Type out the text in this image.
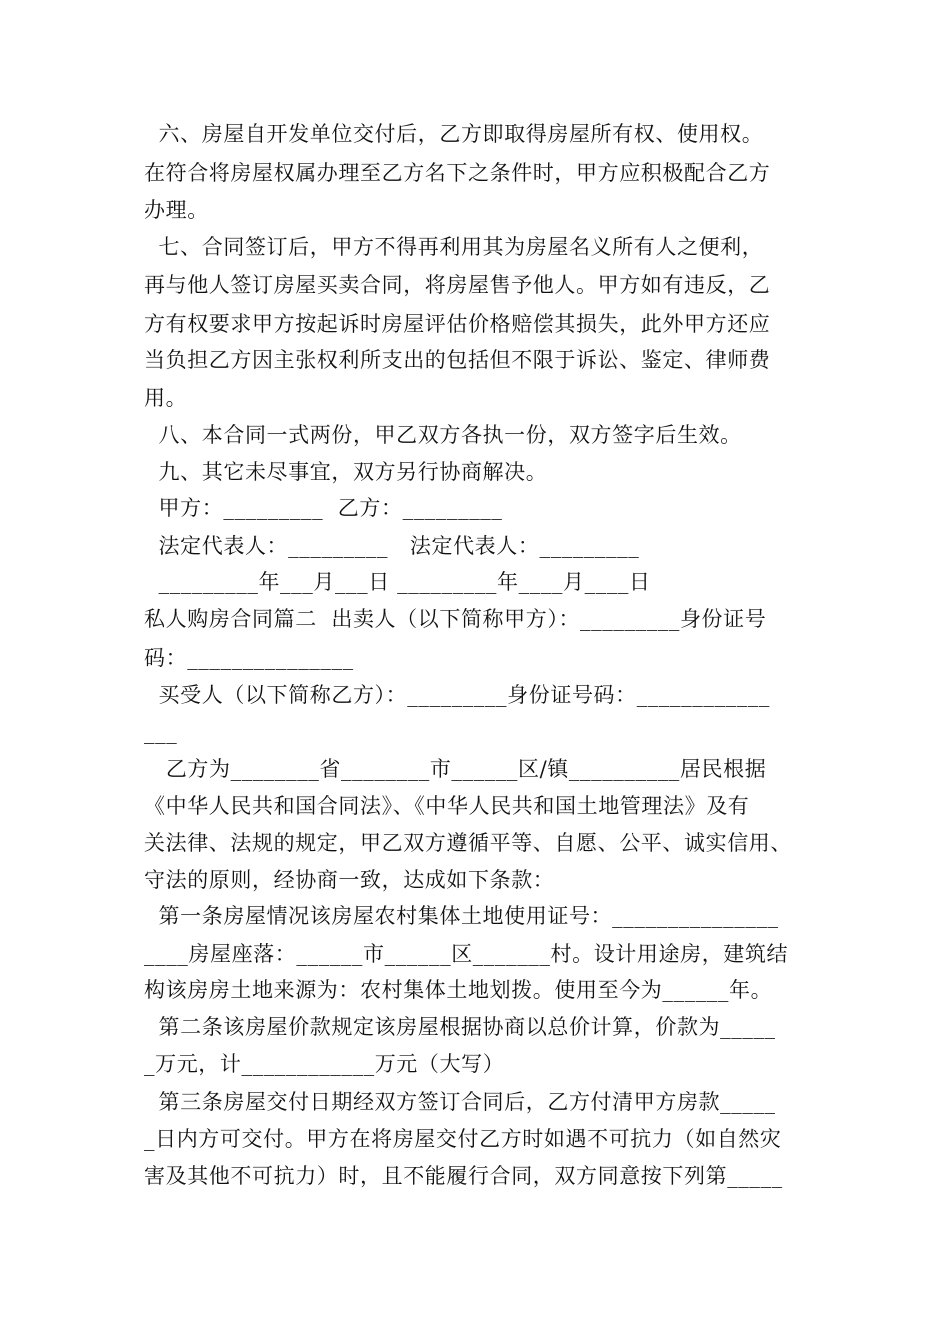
六、房屋自开发单位交付后，乙方即取得房屋所有权、使用权。
在符合将房屋权属办理至乙方名下之条件时，甲方应积极配合乙方
办理。
七、合同签订后，甲方不得再利用其为房屋名义所有人之便利，
再与他人签订房屋买卖合同，将房屋售予他人。甲方如有违反，乙
方有权要求甲方按起诉时房屋评估价格赔偿其损失，此外甲方还应
当负担乙方因主张权利所支出的包括但不限于诉讼、鉴定、律师费
用。
八、本合同一式两份，甲乙双方各执一份，双方签字后生效。
九、其它未尽事宜，双方另行协商解决。
甲方：_________  乙方：_________
法定代表人：_________   法定代表人：_________
_________年___月___日 _________年____月____日
私人购房合同篇二  出卖人（以下简称甲方）：_________身份证号
码：_______________
买受人（以下简称乙方）：_________身份证号码：____________
___
乙方为________省________市______区/镇__________居民根据
《中华人民共和国合同法》、《中华人民共和国土地管理法》及有
关法律、法规的规定，甲乙双方遵循平等、自愿、公平、诚实信用、
守法的原则，经协商一致，达成如下条款：
第一条房屋情况该房屋农村集体土地使用证号：_______________
____房屋座落：______市______区_______村。设计用途房，建筑结
构该房房土地来源为：农村集体土地划拨。使用至今为______年。
第二条该房屋价款规定该房屋根据协商以总价计算，价款为_____
_万元，计____________万元（大写）
第三条房屋交付日期经双方签订合同后，乙方付清甲方房款_____
_日内方可交付。甲方在将房屋交付乙方时如遇不可抗力（如自然灾
害及其他不可抗力）时，且不能履行合同，双方同意按下列第_____
